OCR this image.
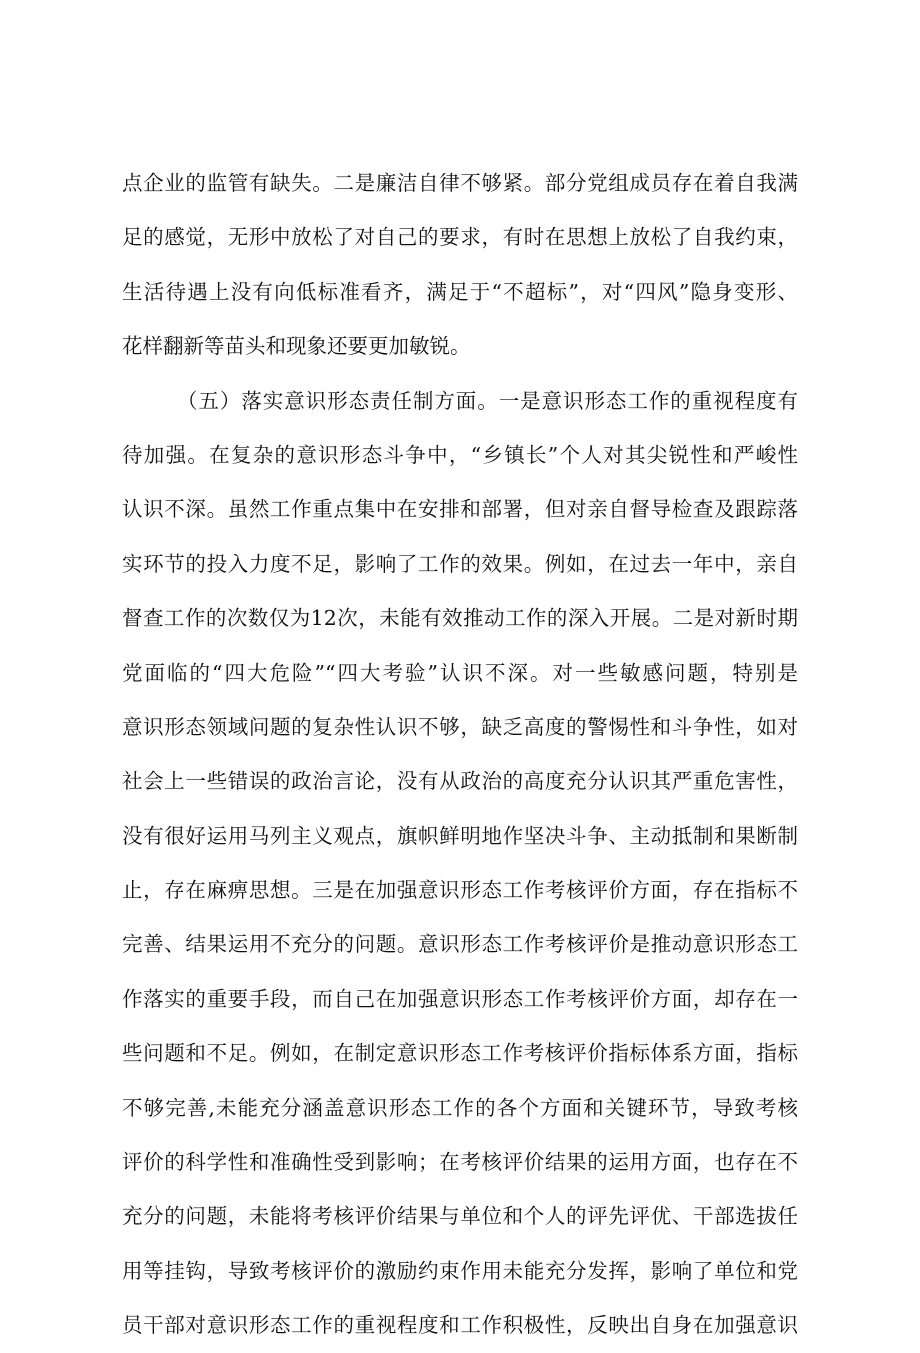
点企业的监管有缺失。二是廉洁自律不够紧。部分党组成员存在着自我满
足的感觉，无形中放松了对自己的要求，有时在思想上放松了自我约束，
生活待遇上没有向低标准看齐，满足于“不超标”，对“四风”隐身变形、
花样翻新等苗头和现象还要更加敏锐。
（五）落实意识形态责任制方面。一是意识形态工作的重视程度有
待加强。在复杂的意识形态斗争中，“乡镇长”个人对其尖锐性和严峻性
认识不深。虽然工作重点集中在安排和部署，但对亲自督导检查及跟踪落
实环节的投入力度不足，影响了工作的效果。例如，在过去一年中，亲自
督查工作的次数仅为12次，未能有效推动工作的深入开展。二是对新时期
党面临的“四大危险”“四大考验”认识不深。对一些敏感问题，特别是
意识形态领域问题的复杂性认识不够，缺乏高度的警惕性和斗争性，如对
社会上一些错误的政治言论，没有从政治的高度充分认识其严重危害性，
没有很好运用马列主义观点，旗帜鲜明地作坚决斗争、主动抵制和果断制
止，存在麻痹思想。三是在加强意识形态工作考核评价方面，存在指标不
完善、结果运用不充分的问题。意识形态工作考核评价是推动意识形态工
作落实的重要手段，而自己在加强意识形态工作考核评价方面，却存在一
些问题和不足。例如，在制定意识形态工作考核评价指标体系方面，指标
不够完善,未能充分涵盖意识形态工作的各个方面和关键环节，导致考核
评价的科学性和准确性受到影响；在考核评价结果的运用方面，也存在不
充分的问题，未能将考核评价结果与单位和个人的评先评优、干部选拔任
用等挂钩，导致考核评价的激励约束作用未能充分发挥，影响了单位和党
员干部对意识形态工作的重视程度和工作积极性，反映出自身在加强意识
